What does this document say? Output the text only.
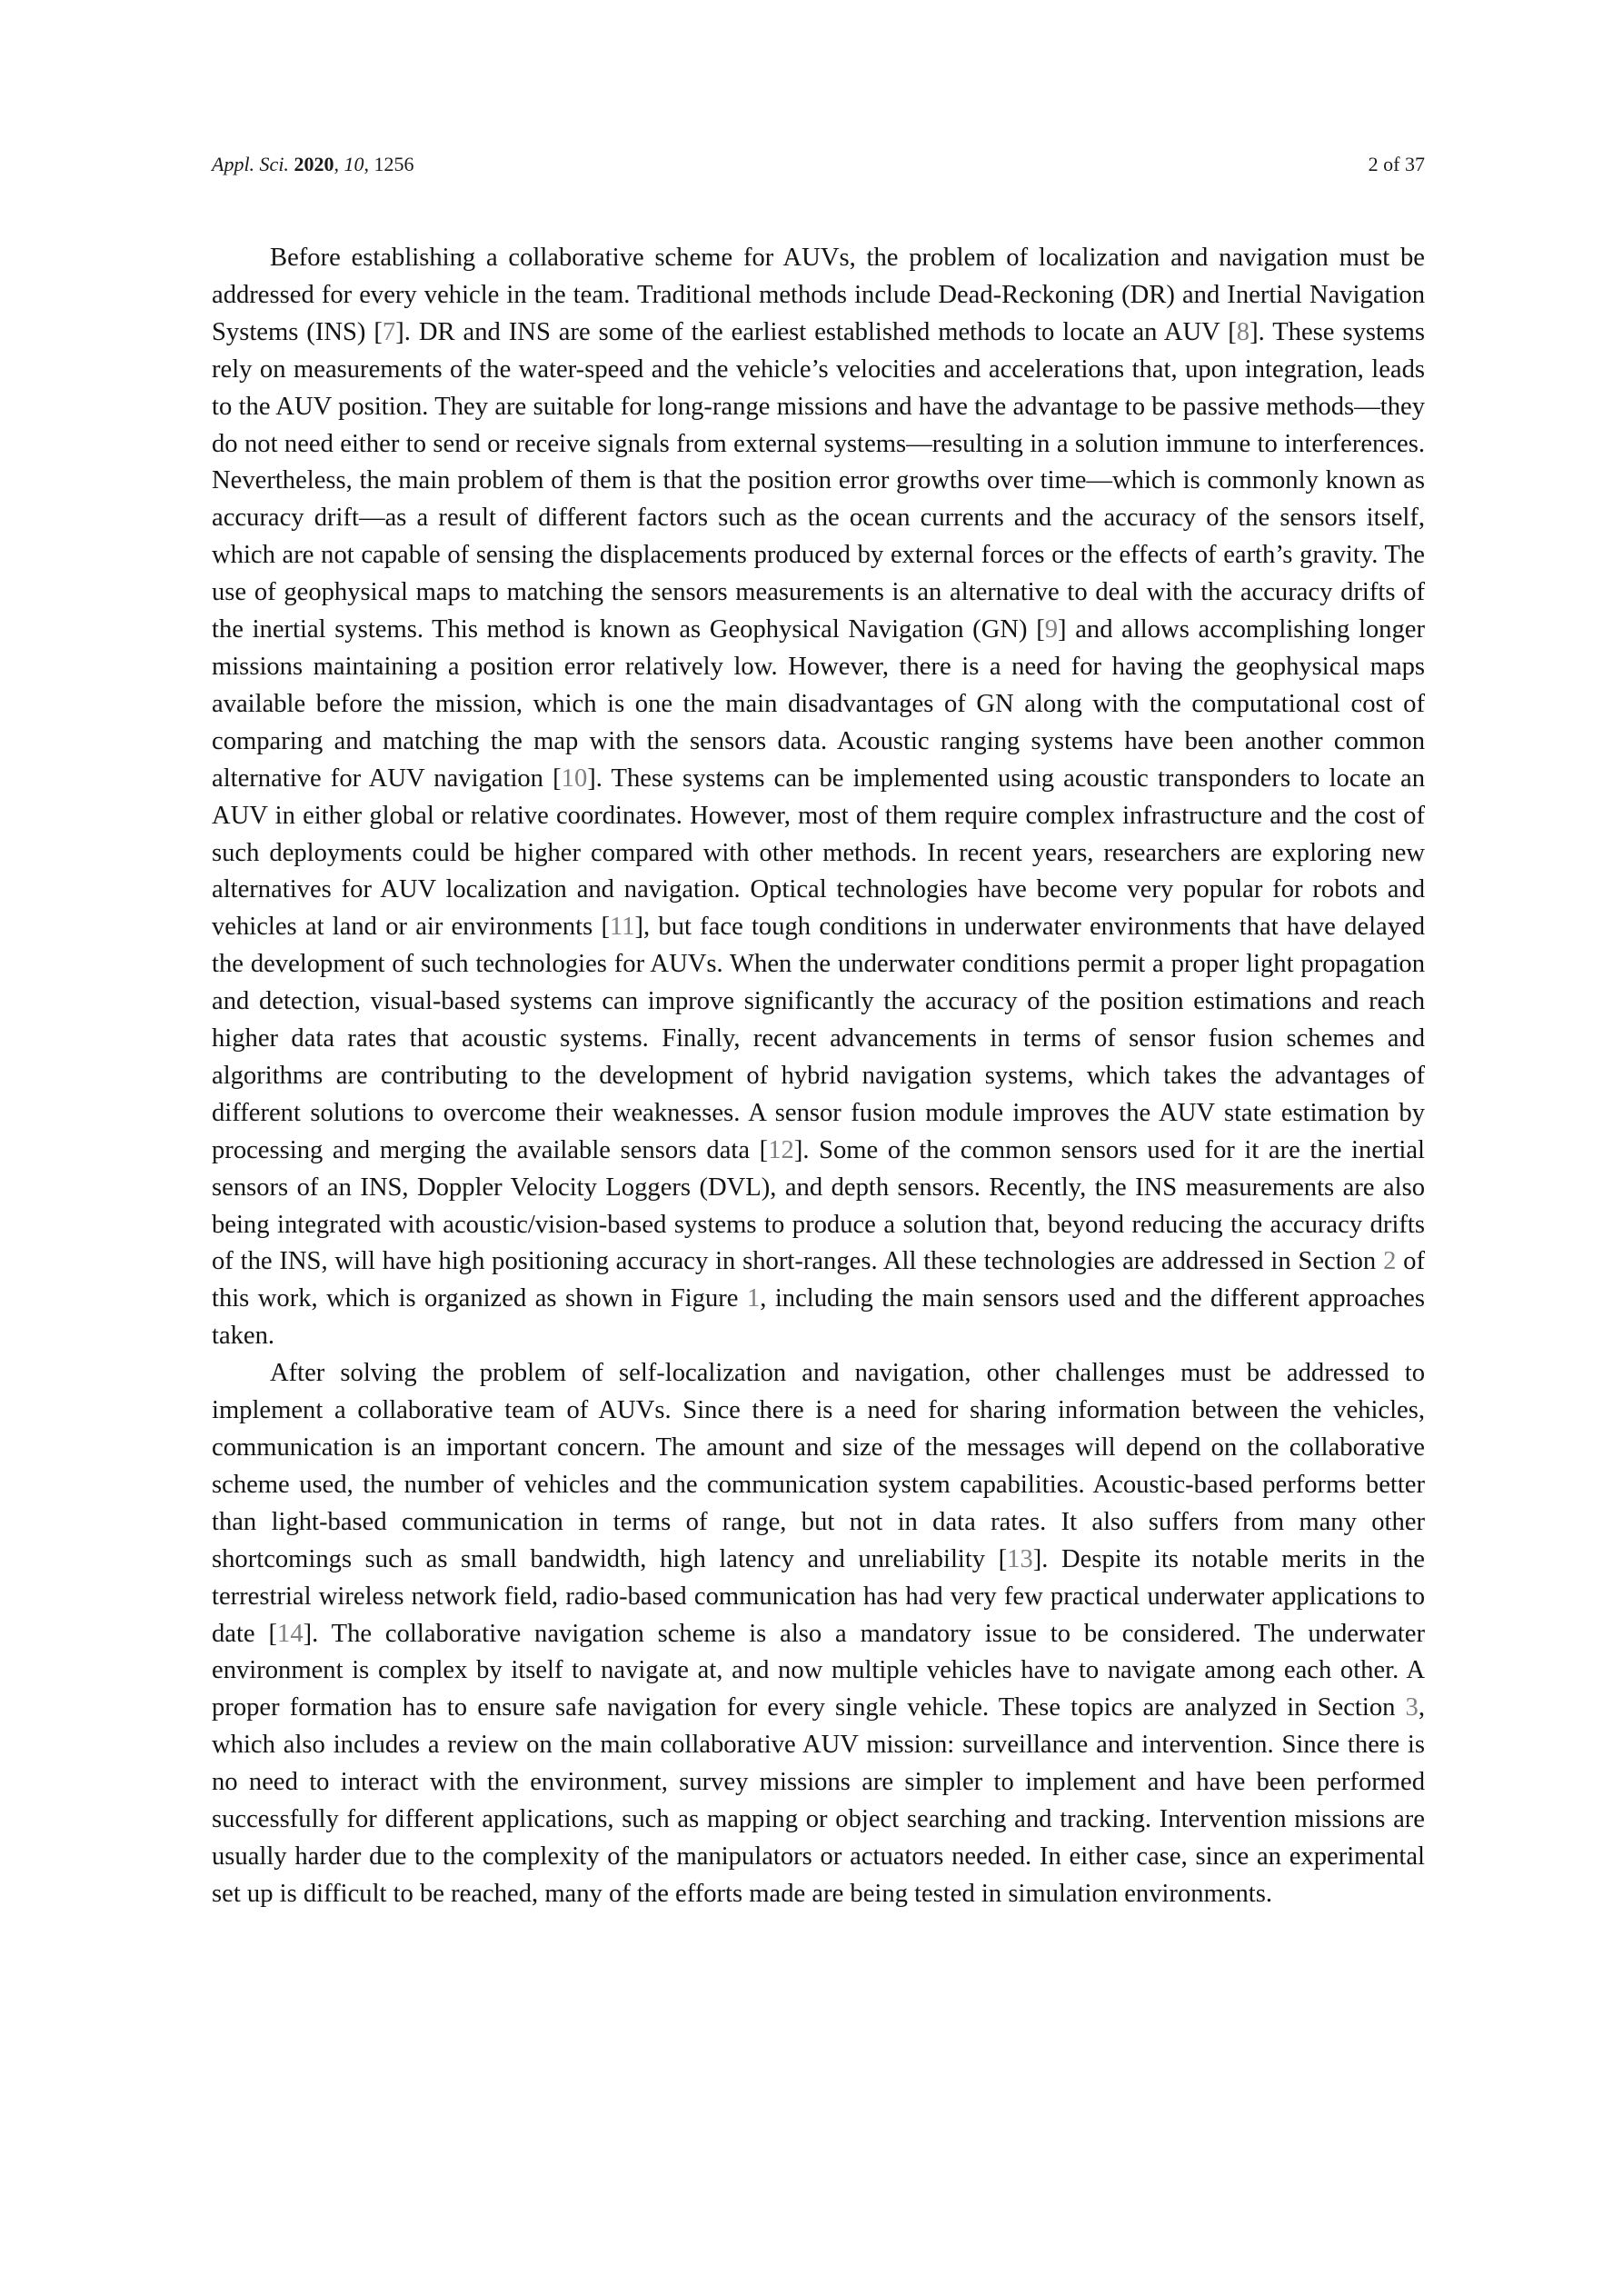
Appl. Sci. 2020, 10, 1256	2 of 37

Before establishing a collaborative scheme for AUVs, the problem of localization and navigation must be addressed for every vehicle in the team. Traditional methods include Dead-Reckoning (DR) and Inertial Navigation Systems (INS) [7]. DR and INS are some of the earliest established methods to locate an AUV [8]. These systems rely on measurements of the water-speed and the vehicle’s velocities and accelerations that, upon integration, leads to the AUV position. They are suitable for long-range missions and have the advantage to be passive methods—they do not need either to send or receive signals from external systems—resulting in a solution immune to interferences. Nevertheless, the main problem of them is that the position error growths over time—which is commonly known as accuracy drift—as a result of different factors such as the ocean currents and the accuracy of the sensors itself, which are not capable of sensing the displacements produced by external forces or the effects of earth’s gravity. The use of geophysical maps to matching the sensors measurements is an alternative to deal with the accuracy drifts of the inertial systems. This method is known as Geophysical Navigation (GN) [9] and allows accomplishing longer missions maintaining a position error relatively low. However, there is a need for having the geophysical maps available before the mission, which is one the main disadvantages of GN along with the computational cost of comparing and matching the map with the sensors data. Acoustic ranging systems have been another common alternative for AUV navigation [10]. These systems can be implemented using acoustic transponders to locate an AUV in either global or relative coordinates. However, most of them require complex infrastructure and the cost of such deployments could be higher compared with other methods. In recent years, researchers are exploring new alternatives for AUV localization and navigation. Optical technologies have become very popular for robots and vehicles at land or air environments [11], but face tough conditions in underwater environments that have delayed the development of such technologies for AUVs. When the underwater conditions permit a proper light propagation and detection, visual-based systems can improve significantly the accuracy of the position estimations and reach higher data rates that acoustic systems. Finally, recent advancements in terms of sensor fusion schemes and algorithms are contributing to the development of hybrid navigation systems, which takes the advantages of different solutions to overcome their weaknesses. A sensor fusion module improves the AUV state estimation by processing and merging the available sensors data [12]. Some of the common sensors used for it are the inertial sensors of an INS, Doppler Velocity Loggers (DVL), and depth sensors. Recently, the INS measurements are also being integrated with acoustic/vision-based systems to produce a solution that, beyond reducing the accuracy drifts of the INS, will have high positioning accuracy in short-ranges. All these technologies are addressed in Section 2 of this work, which is organized as shown in Figure 1, including the main sensors used and the different approaches taken.

After solving the problem of self-localization and navigation, other challenges must be addressed to implement a collaborative team of AUVs. Since there is a need for sharing information between the vehicles, communication is an important concern. The amount and size of the messages will depend on the collaborative scheme used, the number of vehicles and the communication system capabilities. Acoustic-based performs better than light-based communication in terms of range, but not in data rates. It also suffers from many other shortcomings such as small bandwidth, high latency and unreliability [13]. Despite its notable merits in the terrestrial wireless network field, radio-based communication has had very few practical underwater applications to date [14]. The collaborative navigation scheme is also a mandatory issue to be considered. The underwater environment is complex by itself to navigate at, and now multiple vehicles have to navigate among each other. A proper formation has to ensure safe navigation for every single vehicle. These topics are analyzed in Section 3, which also includes a review on the main collaborative AUV mission: surveillance and intervention. Since there is no need to interact with the environment, survey missions are simpler to implement and have been performed successfully for different applications, such as mapping or object searching and tracking. Intervention missions are usually harder due to the complexity of the manipulators or actuators needed. In either case, since an experimental set up is difficult to be reached, many of the efforts made are being tested in simulation environments.
